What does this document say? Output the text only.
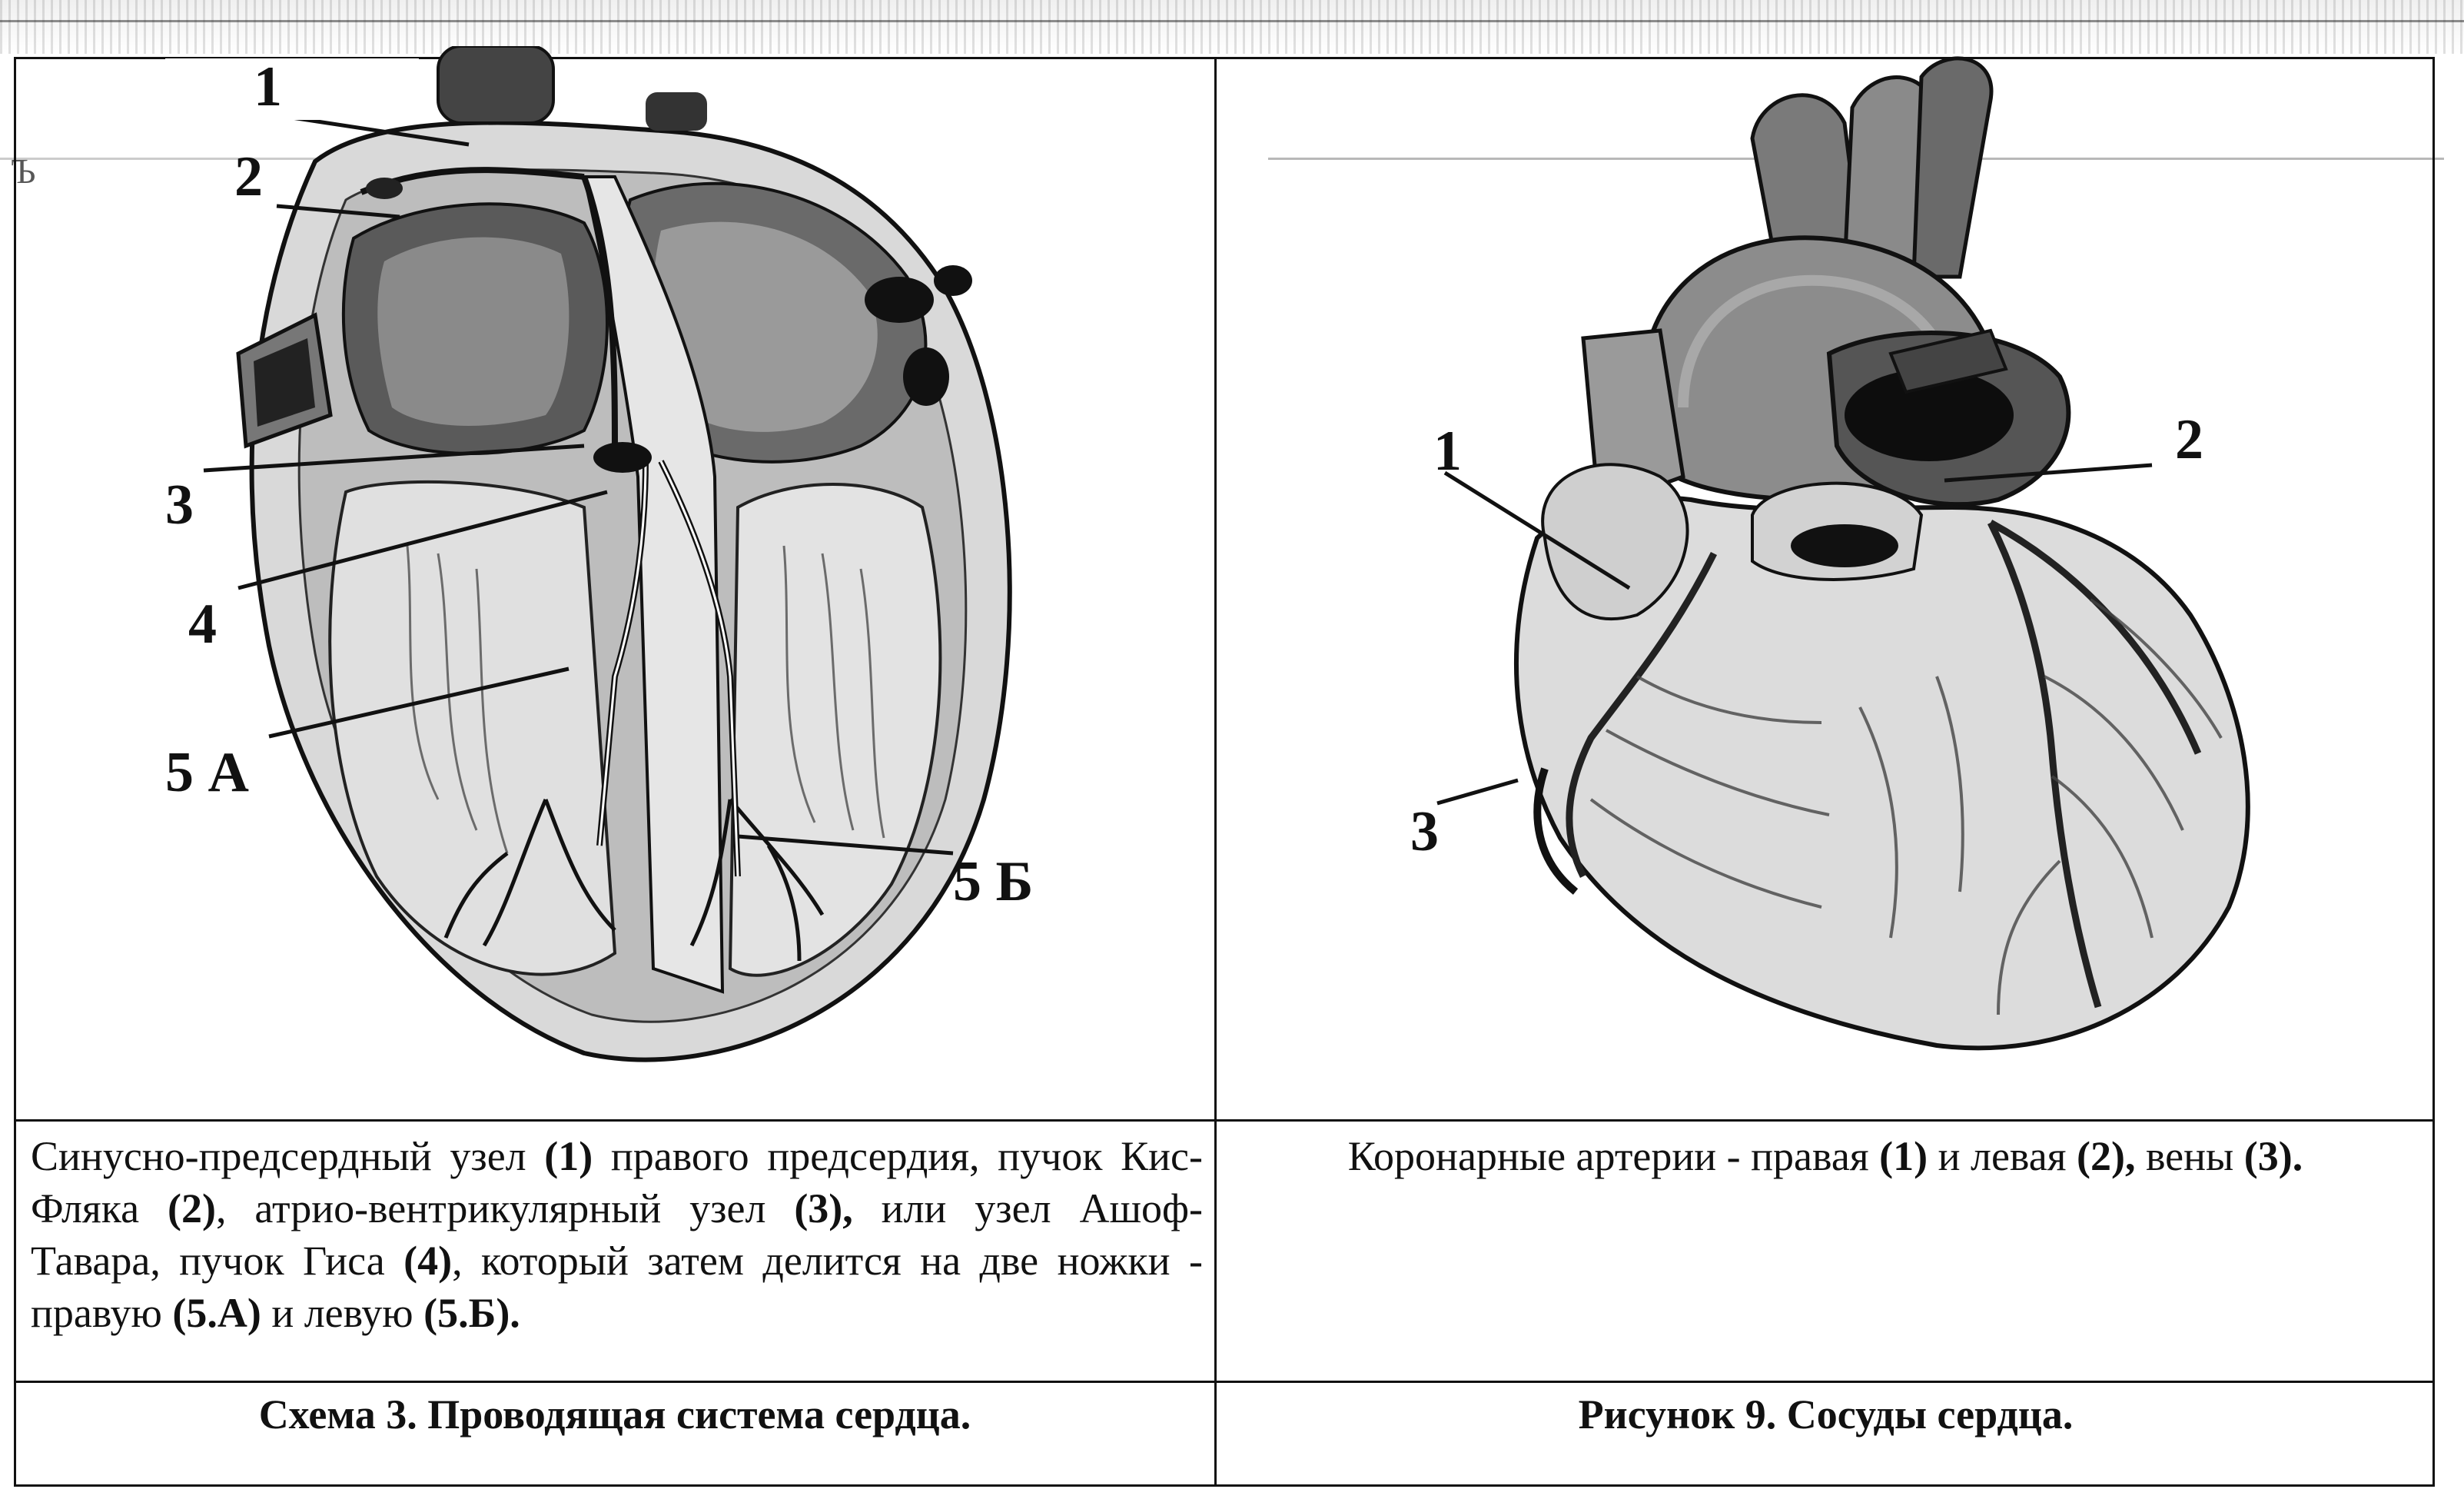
Ъ
1
2
3
4
5 А
5 Б
1	2
3
Синусно-предсердный узел (1) правого предсердия, пучок Кис-Фляка (2), атрио-вентрикулярный узел (3), или узел Ашоф-Тавара, пучок Гиса (4), который затем делится на две ножки - правую (5.А) и левую (5.Б).
Коронарные артерии - правая (1) и левая (2), вены (3).
Схема 3. Проводящая система сердца.	Рисунок 9. Сосуды сердца.
